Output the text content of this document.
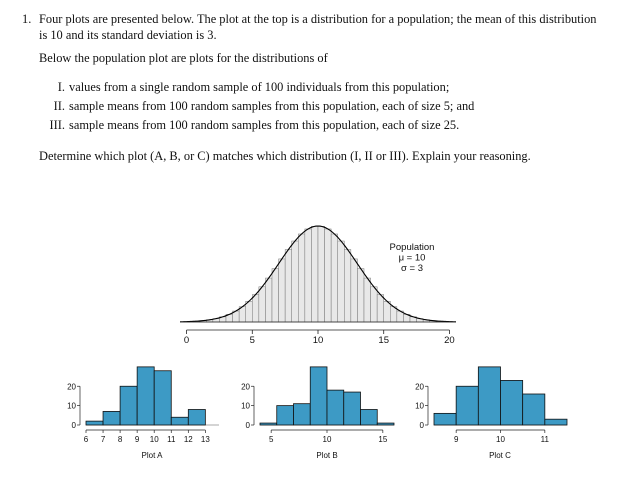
1. Four plots are presented below. The plot at the top is a distribution for a population; the mean of this distribution is 10 and its standard deviation is 3.

Below the population plot are plots for the distributions of

I. values from a single random sample of 100 individuals from this population;
II. sample means from 100 random samples from this population, each of size 5; and
III. sample means from 100 random samples from this population, each of size 25.

Determine which plot (A, B, or C) matches which distribution (I, II or III). Explain your reasoning.

0	5	10	15	20
Population
μ = 10
σ = 3
0
10
20
6 7 8 9 10 11 12 13
Plot A
0
10
20
5	10	15
Plot B
0
10
20
9	10	11
Plot C
